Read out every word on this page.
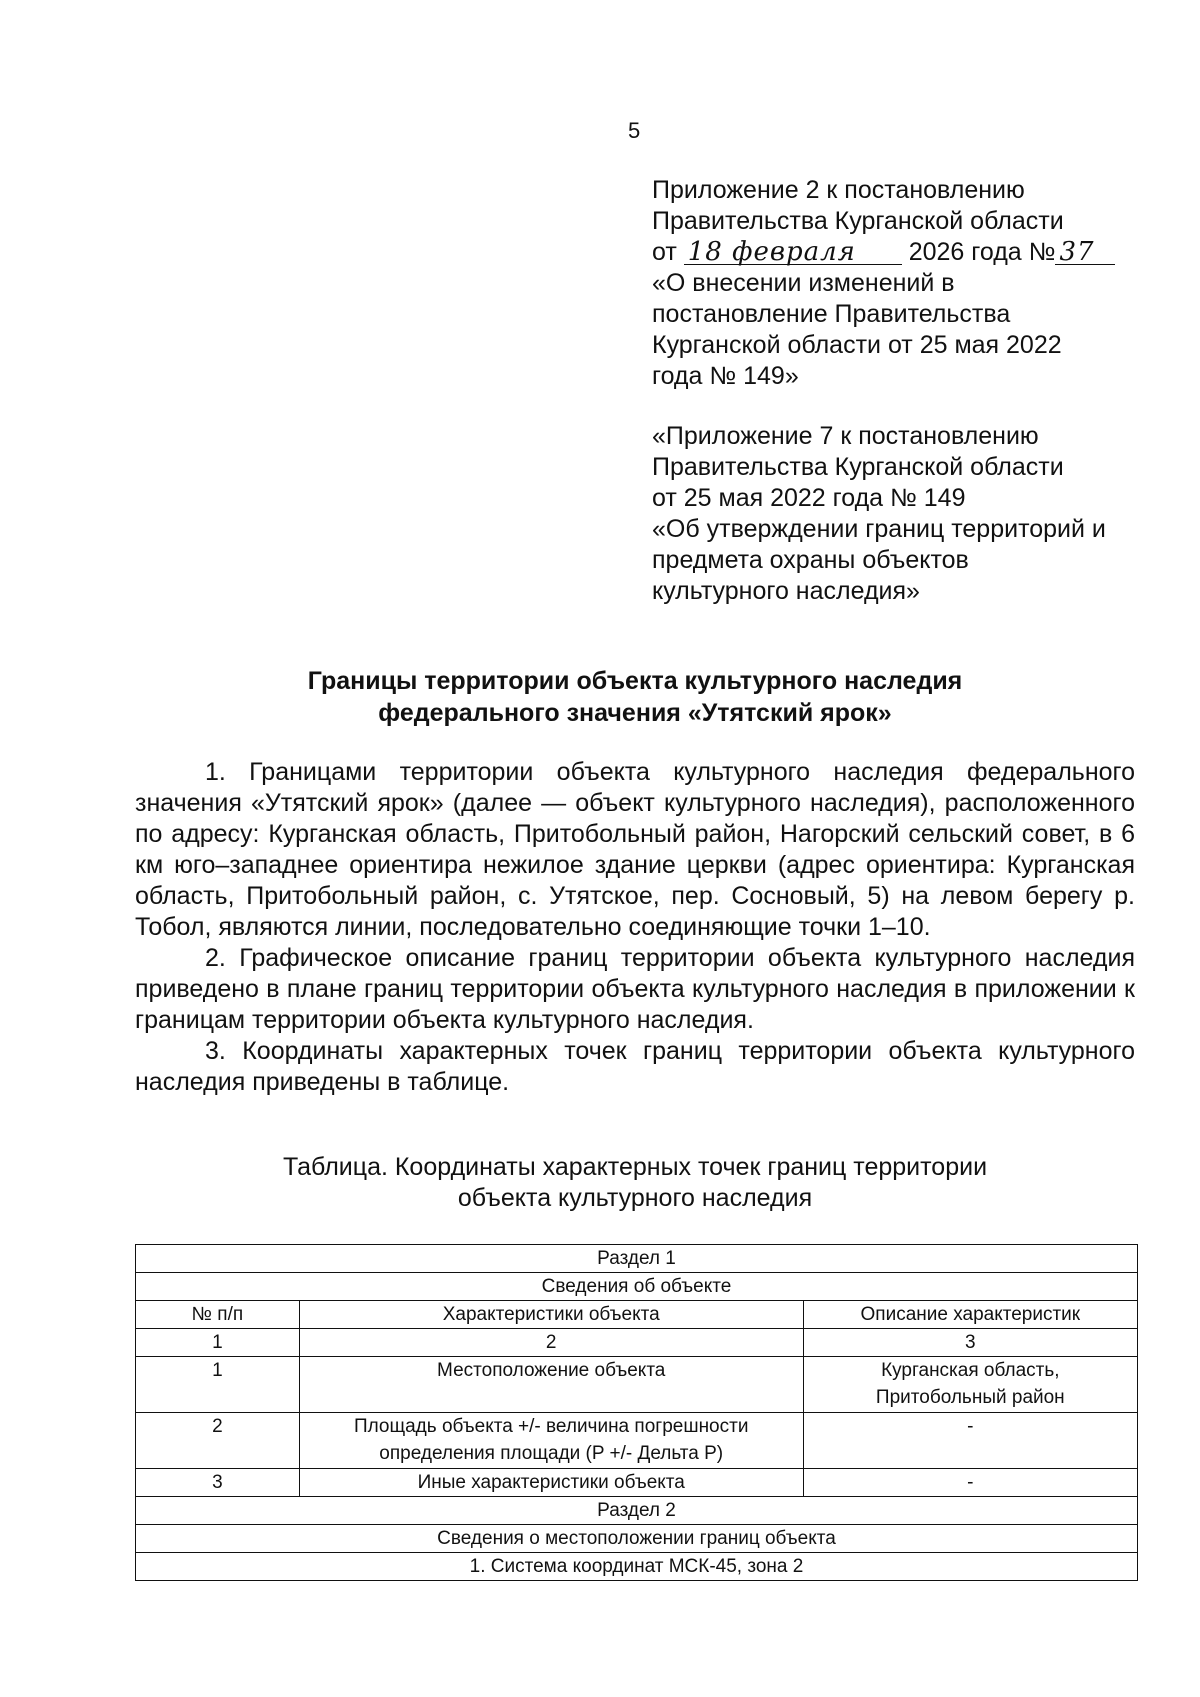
5
Приложение 2 к постановлению
Правительства Курганской области
от 18 февраля 2026 года № 37
«О внесении изменений в
постановление Правительства
Курганской области от 25 мая 2022
года № 149»
«Приложение 7 к постановлению
Правительства Курганской области
от 25 мая 2022 года № 149
«Об утверждении границ территорий и
предмета охраны объектов
культурного наследия»
Границы территории объекта культурного наследия
федерального значения «Утятский ярок»

1. Границами территории объекта культурного наследия федерального значения «Утятский ярок» (далее — объект культурного наследия), расположенного по адресу: Курганская область, Притобольный район, Нагорский сельский совет, в 6 км юго–западнее ориентира нежилое здание церкви (адрес ориентира: Курганская область, Притобольный район, с. Утятское, пер. Сосновый, 5) на левом берегу р. Тобол, являются линии, последовательно соединяющие точки 1–10.

2. Графическое описание границ территории объекта культурного наследия приведено в плане границ территории объекта культурного наследия в приложении к границам территории объекта культурного наследия.

3. Координаты характерных точек границ территории объекта культурного наследия приведены в таблице.

Таблица. Координаты характерных точек границ территории
объекта культурного наследия
Раздел 1		
Сведения об объекте		
№ п/п	Характеристики объекта	Описание характеристик
1	2	3
1	Местоположение объекта	Курганская область,
Притобольный район

2	Площадь объекта +/- величина погрешности
определения площади (P +/- Дельта P)	-
3	Иные характеристики объекта	-
Раздел 2		
Сведения о местоположении границ объекта		
1. Система координат МСК-45, зона 2		
